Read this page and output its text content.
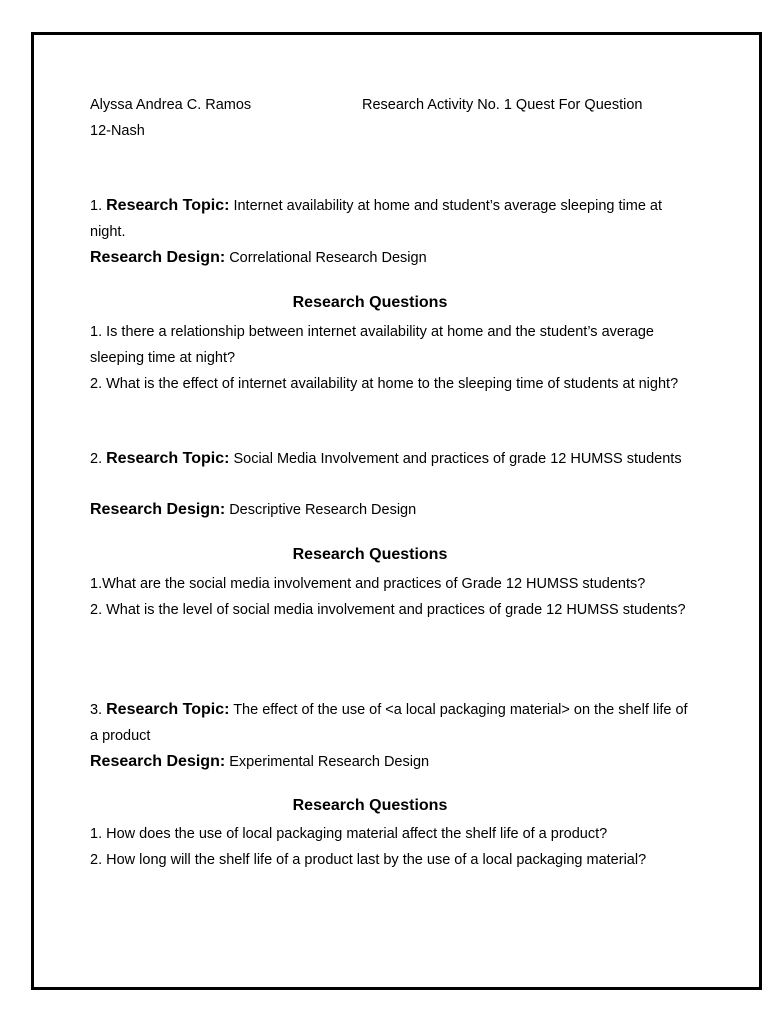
Alyssa Andrea C. Ramos	Research Activity No. 1 Quest For Question
12-Nash
1. Research Topic: Internet availability at home and student’s average sleeping time at night.
Research Design: Correlational Research Design
Research Questions

1. Is there a relationship between internet availability at home and the student’s average sleeping time at night?

2. What is the effect of internet availability at home to the sleeping time of students at night?

2. Research Topic: Social Media Involvement and practices of grade 12 HUMSS students
Research Design: Descriptive Research Design
Research Questions

1.What are the social media involvement and practices of Grade 12 HUMSS students?

2. What is the level of social media involvement and practices of grade 12 HUMSS students?

3. Research Topic: The effect of the use of <a local packaging material> on the shelf life of a product
Research Design: Experimental Research Design
Research Questions

1. How does the use of local packaging material affect the shelf life of a product?

2. How long will the shelf life of a product last by the use of a local packaging material?
